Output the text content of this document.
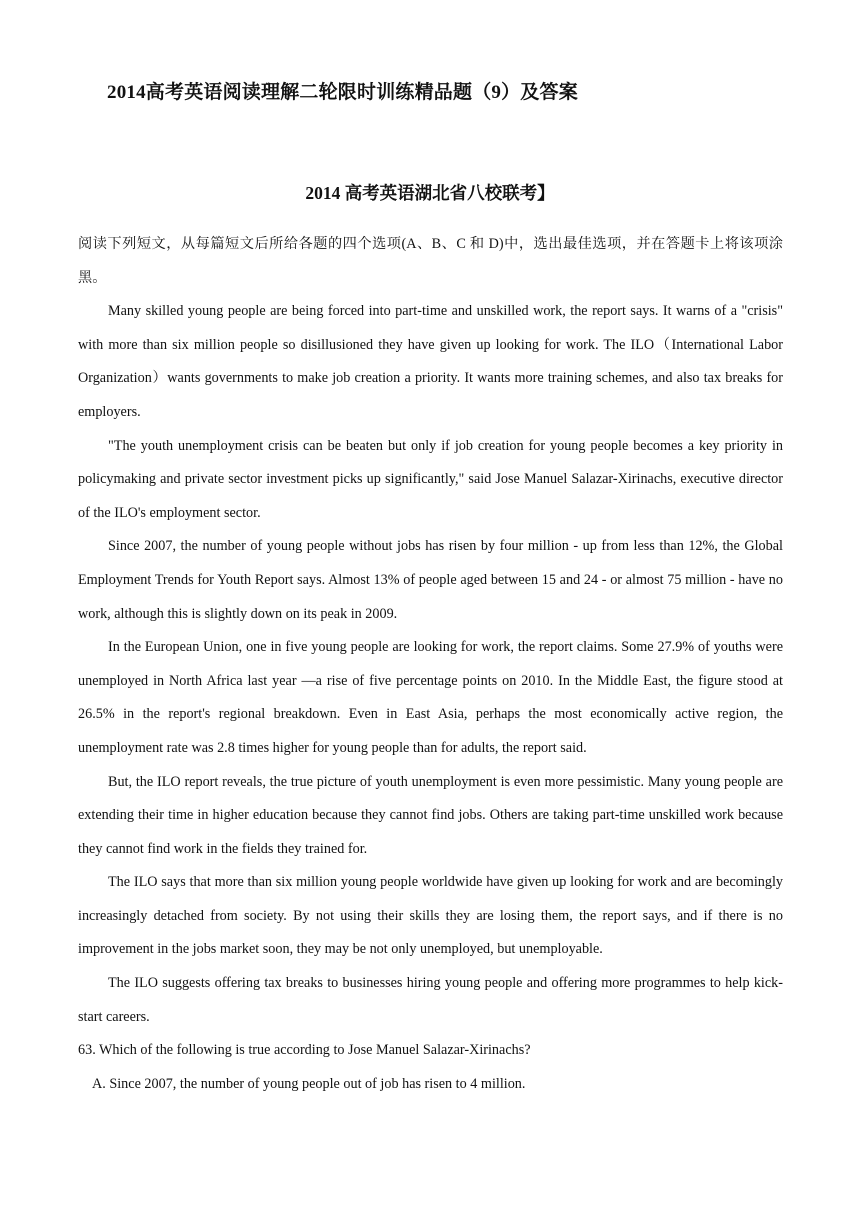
2014高考英语阅读理解二轮限时训练精品题（9）及答案
2014 高考英语湖北省八校联考】

阅读下列短文，从每篇短文后所给各题的四个选项(A、B、C 和 D)中，选出最佳选项，并在答题卡上将该项涂黑。

Many skilled young people are being forced into part-time and unskilled work, the report says. It warns of a "crisis" with more than six million people so disillusioned they have given up looking for work. The ILO（International Labor Organization）wants governments to make job creation a priority. It wants more training schemes, and also tax breaks for employers.

"The youth unemployment crisis can be beaten but only if job creation for young people becomes a key priority in policymaking and private sector investment picks up significantly," said Jose Manuel Salazar-Xirinachs, executive director of the ILO's employment sector.

Since 2007, the number of young people without jobs has risen by four million - up from less than 12%, the Global Employment Trends for Youth Report says. Almost 13% of people aged between 15 and 24 - or almost 75 million - have no work, although this is slightly down on its peak in 2009.

In the European Union, one in five young people are looking for work, the report claims. Some 27.9% of youths were unemployed in North Africa last year —a rise of five percentage points on 2010. In the Middle East, the figure stood at 26.5% in the report's regional breakdown. Even in East Asia, perhaps the most economically active region, the unemployment rate was 2.8 times higher for young people than for adults, the report said.

But, the ILO report reveals, the true picture of youth unemployment is even more pessimistic. Many young people are extending their time in higher education because they cannot find jobs. Others are taking part-time unskilled work because they cannot find work in the fields they trained for.

The ILO says that more than six million young people worldwide have given up looking for work and are becomingly increasingly detached from society. By not using their skills they are losing them, the report says, and if there is no improvement in the jobs market soon, they may be not only unemployed, but unemployable.

The ILO suggests offering tax breaks to businesses hiring young people and offering more programmes to help kick-start careers.

63. Which of the following is true according to Jose Manuel Salazar-Xirinachs?

A. Since 2007, the number of young people out of job has risen to 4 million.
